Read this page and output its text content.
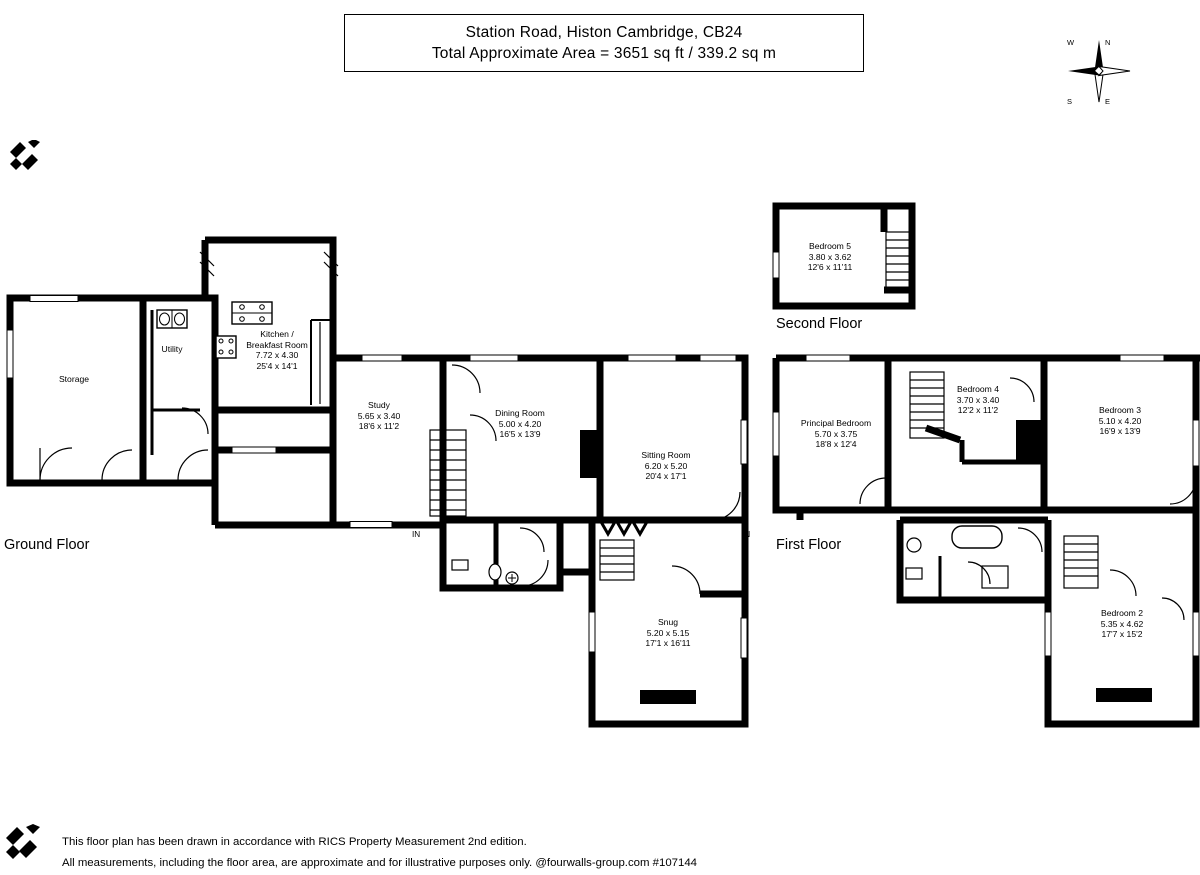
Station Road, Histon Cambridge, CB24
Total Approximate Area = 3651 sq ft / 339.2 sq m
N
E
S
W
Ground Floor	First Floor
Second Floor
Storage
Utility
Kitchen /
Breakfast Room
7.72 x 4.30
25'4 x 14'1
Study
5.65 x 3.40
18'6 x 11'2
Dining Room
5.00 x 4.20
16'5 x 13'9
Sitting Room
6.20 x 5.20
20'4 x 17'1
Snug
5.20 x 5.15
17'1 x 16'11
Principal Bedroom
5.70 x 3.75
18'8 x 12'4
Bedroom 4
3.70 x 3.40
12'2 x 11'2	Bedroom 3
5.10 x 4.20
16'9 x 13'9
Bedroom 2
5.35 x 4.62
17'7 x 15'2
Bedroom 5
3.80 x 3.62
12'6 x 11'11
IN	IN
This floor plan has been drawn in accordance with RICS Property Measurement 2nd edition.
All measurements, including the floor area, are approximate and for illustrative purposes only. @fourwalls-group.com #107144
